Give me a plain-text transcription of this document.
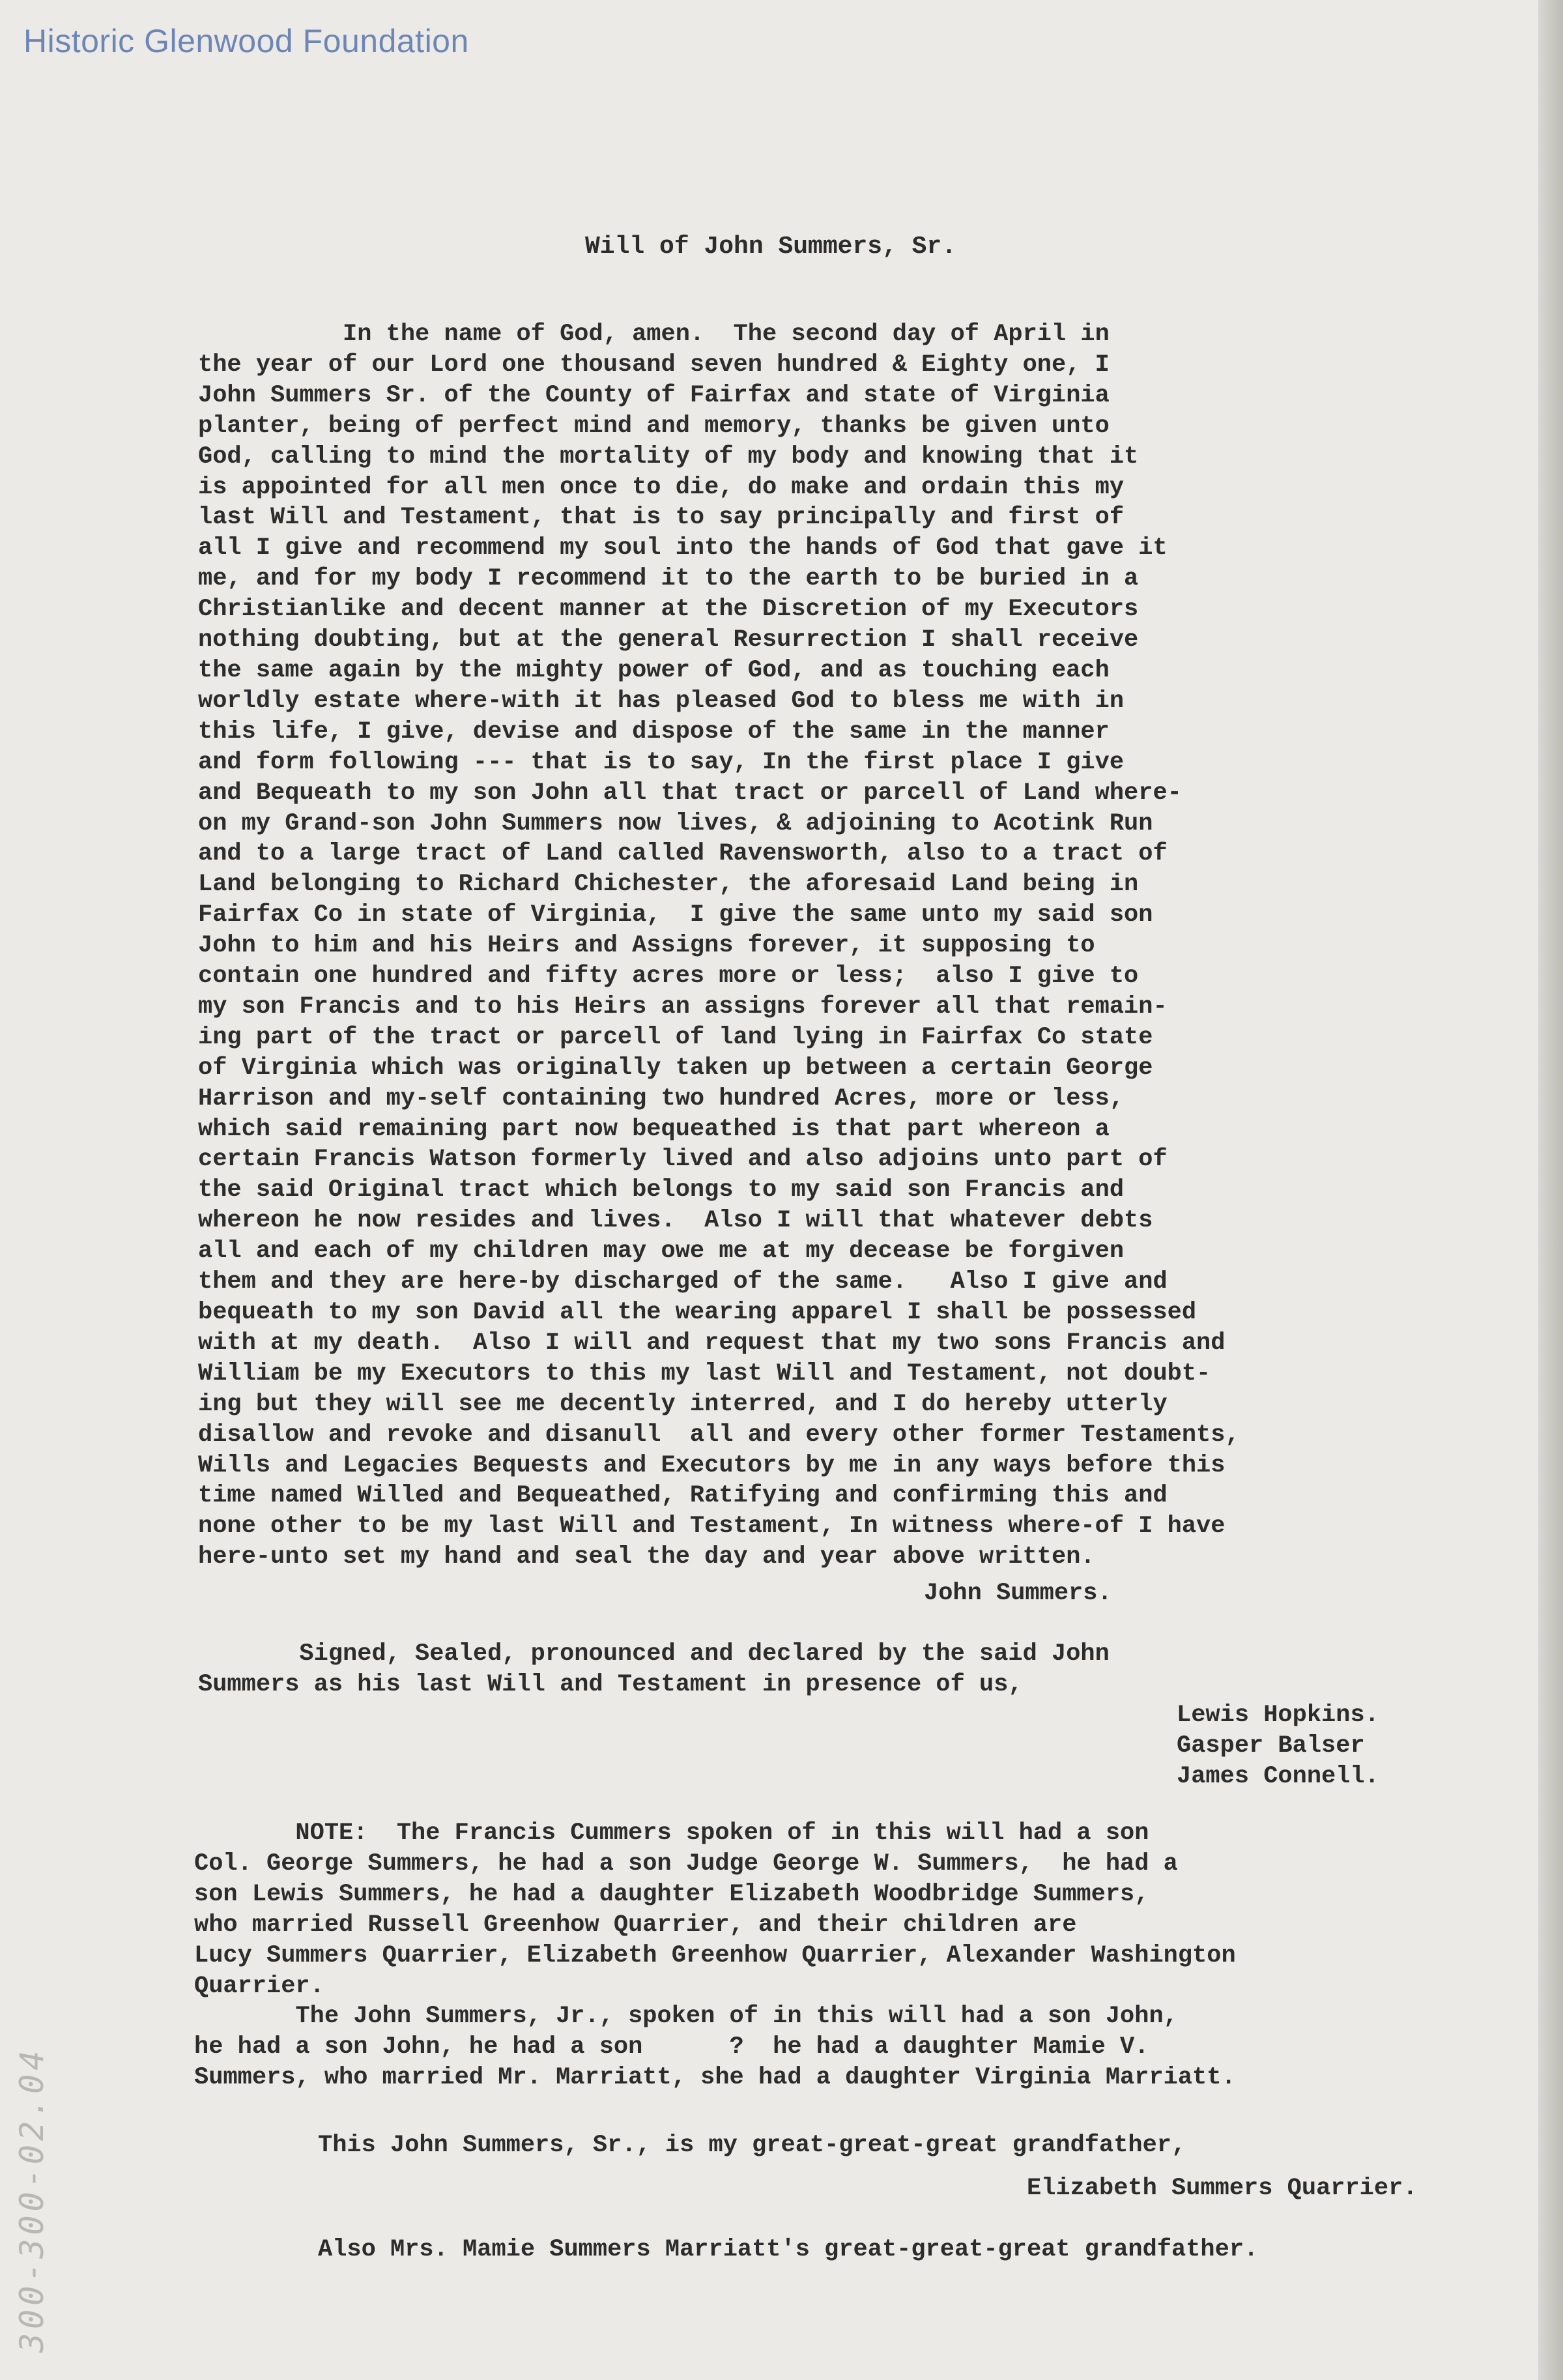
Historic Glenwood Foundation
Will of John Summers, Sr.
In the name of God, amen.  The second day of April in
the year of our Lord one thousand seven hundred & Eighty one, I
John Summers Sr. of the County of Fairfax and state of Virginia
planter, being of perfect mind and memory, thanks be given unto
God, calling to mind the mortality of my body and knowing that it
is appointed for all men once to die, do make and ordain this my
last Will and Testament, that is to say principally and first of
all I give and recommend my soul into the hands of God that gave it
me, and for my body I recommend it to the earth to be buried in a
Christianlike and decent manner at the Discretion of my Executors
nothing doubting, but at the general Resurrection I shall receive
the same again by the mighty power of God, and as touching each
worldly estate where-with it has pleased God to bless me with in
this life, I give, devise and dispose of the same in the manner
and form following --- that is to say, In the first place I give
and Bequeath to my son John all that tract or parcell of Land where-
on my Grand-son John Summers now lives, & adjoining to Acotink Run
and to a large tract of Land called Ravensworth, also to a tract of
Land belonging to Richard Chichester, the aforesaid Land being in
Fairfax Co in state of Virginia,  I give the same unto my said son
John to him and his Heirs and Assigns forever, it supposing to
contain one hundred and fifty acres more or less;  also I give to
my son Francis and to his Heirs an assigns forever all that remain-
ing part of the tract or parcell of land lying in Fairfax Co state
of Virginia which was originally taken up between a certain George
Harrison and my-self containing two hundred Acres, more or less,
which said remaining part now bequeathed is that part whereon a
certain Francis Watson formerly lived and also adjoins unto part of
the said Original tract which belongs to my said son Francis and
whereon he now resides and lives.  Also I will that whatever debts
all and each of my children may owe me at my decease be forgiven
them and they are here-by discharged of the same.   Also I give and
bequeath to my son David all the wearing apparel I shall be possessed
with at my death.  Also I will and request that my two sons Francis and
William be my Executors to this my last Will and Testament, not doubt-
ing but they will see me decently interred, and I do hereby utterly
disallow and revoke and disanull  all and every other former Testaments,
Wills and Legacies Bequests and Executors by me in any ways before this
time named Willed and Bequeathed, Ratifying and confirming this and
none other to be my last Will and Testament, In witness where-of I have
here-unto set my hand and seal the day and year above written.
John Summers.
Signed, Sealed, pronounced and declared by the said John
Summers as his last Will and Testament in presence of us,
Lewis Hopkins.
Gasper Balser
James Connell.
NOTE:  The Francis Cummers spoken of in this will had a son
Col. George Summers, he had a son Judge George W. Summers,  he had a
son Lewis Summers, he had a daughter Elizabeth Woodbridge Summers,
who married Russell Greenhow Quarrier, and their children are
Lucy Summers Quarrier, Elizabeth Greenhow Quarrier, Alexander Washington
Quarrier.
The John Summers, Jr., spoken of in this will had a son John,
he had a son John, he had a son      ?  he had a daughter Mamie V.
Summers, who married Mr. Marriatt, she had a daughter Virginia Marriatt.
This John Summers, Sr., is my great-great-great grandfather,
Elizabeth Summers Quarrier.
Also Mrs. Mamie Summers Marriatt's great-great-great grandfather.
300-300-02.04
